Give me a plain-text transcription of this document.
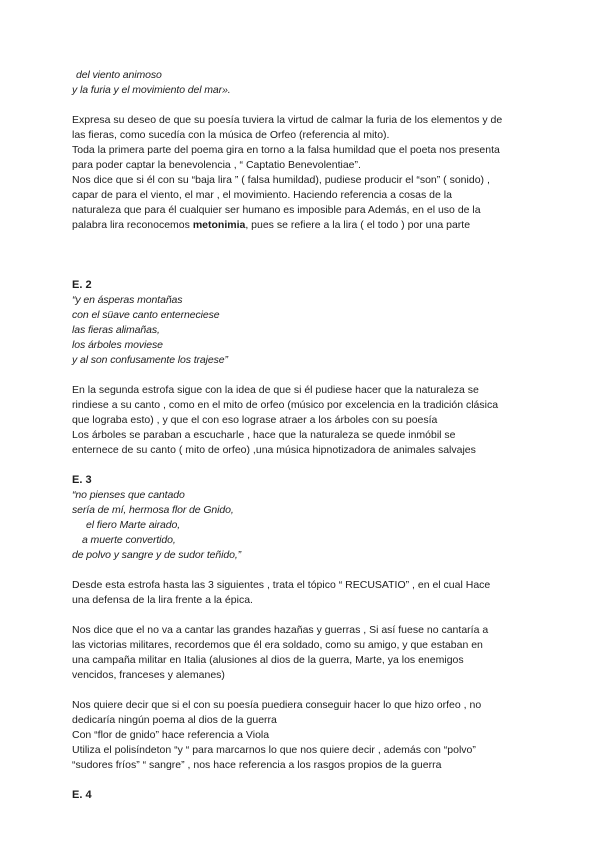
del viento animoso
y la furia y el movimiento del mar».
Expresa su deseo de que su poesía tuviera la virtud de calmar la furia de los elementos y de
las fieras, como sucedía con la música de Orfeo (referencia al mito).
Toda la primera parte del poema gira en torno a la falsa humildad que el poeta nos presenta
para poder captar la benevolencia , “ Captatio Benevolentiae”.
Nos dice que si él con su “baja lira ” ( falsa humildad), pudiese producir el “son” ( sonido) ,
capar de para el viento, el mar , el movimiento. Haciendo referencia a cosas de la
naturaleza que para él cualquier ser humano es imposible para Además, en el uso de la
palabra lira reconocemos metonimia, pues se refiere a la lira ( el todo ) por una parte
E. 2
“y en ásperas montañas
con el süave canto enterneciese
las fieras alimañas,
los árboles moviese
y al son confusamente los trajese”
En la segunda estrofa sigue con la idea de que si él pudiese hacer que la naturaleza se
rindiese a su canto , como en el mito de orfeo (músico por excelencia en la tradición clásica
que lograba esto) , y que el con eso lograse atraer a los árboles con su poesía
Los árboles se paraban a escucharle , hace que la naturaleza se quede inmóbil se
enternece de su canto ( mito de orfeo) ,una música hipnotizadora de animales salvajes
E. 3
“no pienses que cantado
sería de mí, hermosa flor de Gnido,
el fiero Marte airado,
a muerte convertido,
de polvo y sangre y de sudor teñido,”
Desde esta estrofa hasta las 3 siguientes , trata el tópico “ RECUSATIO” , en el cual Hace
una defensa de la lira frente a la épica.
Nos dice que el no va a cantar las grandes hazañas y guerras , Si así fuese no cantaría a
las victorias militares, recordemos que él era soldado, como su amigo, y que estaban en
una campaña militar en Italia (alusiones al dios de la guerra, Marte, ya los enemigos
vencidos, franceses y alemanes)
Nos quiere decir que si el con su poesía puediera conseguir hacer lo que hizo orfeo , no
dedicaría ningún poema al dios de la guerra
Con “flor de gnido” hace referencia a Viola
Utiliza el polisíndeton “y “ para marcarnos lo que nos quiere decir , además con “polvo”
“sudores fríos” “ sangre” , nos hace referencia a los rasgos propios de la guerra
E. 4
